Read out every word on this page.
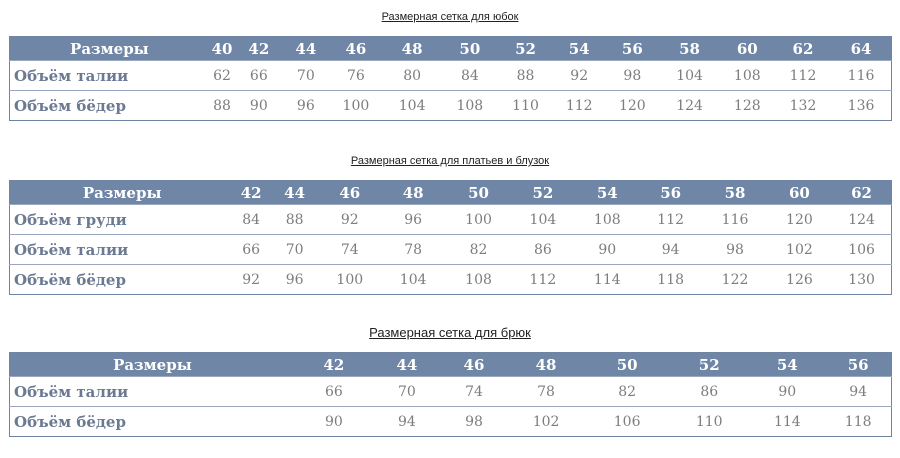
Размерная сетка для юбок
Размеры	40	42	44	46	48	50	52	54	56	58	60	62	64
Объём талии	62	66	70	76	80	84	88	92	98	104	108	112	116
Объём бёдер	88	90	96	100	104	108	110	112	120	124	128	132	136
Размерная сетка для платьев и блузок
Размеры	42	44	46	48	50	52	54	56	58	60	62
Объём груди	84	88	92	96	100	104	108	112	116	120	124
Объём талии	66	70	74	78	82	86	90	94	98	102	106
Объём бёдер	92	96	100	104	108	112	114	118	122	126	130
Размерная сетка для брюк
Размеры	42	44	46	48	50	52	54	56
Объём талии	66	70	74	78	82	86	90	94
Объём бёдер	90	94	98	102	106	110	114	118
